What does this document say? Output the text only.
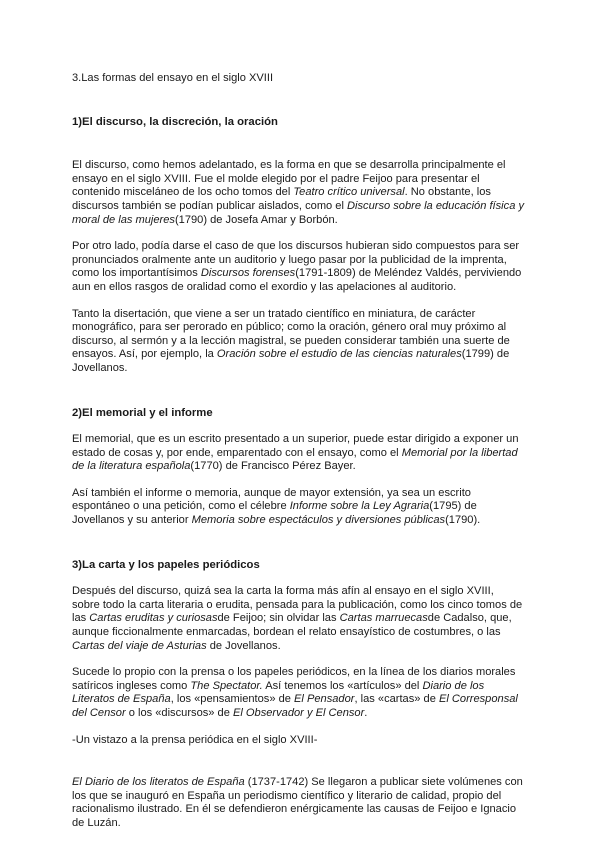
3.Las formas del ensayo en el siglo XVIII
1)El discurso, la discreción, la oración

El discurso, como hemos adelantado, es la forma en que se desarrolla principalmente el ensayo en el siglo XVIII. Fue el molde elegido por el padre Feijoo para presentar el contenido misceláneo de los ocho tomos del Teatro crítico universal. No obstante, los discursos también se podían publicar aislados, como el Discurso sobre la educación física y moral de las mujeres(1790) de Josefa Amar y Borbón.

Por otro lado, podía darse el caso de que los discursos hubieran sido compuestos para ser pronunciados oralmente ante un auditorio y luego pasar por la publicidad de la imprenta, como los importantísimos Discursos forenses(1791-1809) de Meléndez Valdés, perviviendo aun en ellos rasgos de oralidad como el exordio y las apelaciones al auditorio.

Tanto la disertación, que viene a ser un tratado científico en miniatura, de carácter monográfico, para ser perorado en público; como la oración, género oral muy próximo al discurso, al sermón y a la lección magistral, se pueden considerar también una suerte de ensayos. Así, por ejemplo, la Oración sobre el estudio de las ciencias naturales(1799) de Jovellanos.

2)El memorial y el informe

El memorial, que es un escrito presentado a un superior, puede estar dirigido a exponer un estado de cosas y, por ende, emparentado con el ensayo, como el Memorial por la libertad de la literatura española(1770) de Francisco Pérez Bayer.

Así también el informe o memoria, aunque de mayor extensión, ya sea un escrito espontáneo o una petición, como el célebre Informe sobre la Ley Agraria(1795) de Jovellanos y su anterior Memoria sobre espectáculos y diversiones públicas(1790).

3)La carta y los papeles periódicos

Después del discurso, quizá sea la carta la forma más afín al ensayo en el siglo XVIII, sobre todo la carta literaria o erudita, pensada para la publicación, como los cinco tomos de las Cartas eruditas y curiosasde Feijoo; sin olvidar las Cartas marruecasde Cadalso, que, aunque ficcionalmente enmarcadas, bordean el relato ensayístico de costumbres, o las Cartas del viaje de Asturias de Jovellanos.

Sucede lo propio con la prensa o los papeles periódicos, en la línea de los diarios morales satíricos ingleses como The Spectator. Así tenemos los «artículos» del Diario de los Literatos de España, los «pensamientos» de El Pensador, las «cartas» de El Corresponsal del Censor o los «discursos» de El Observador y El Censor.

-Un vistazo a la prensa periódica en el siglo XVIII-

El Diario de los literatos de España (1737-1742) Se llegaron a publicar siete volúmenes con los que se inauguró en España un periodismo científico y literario de calidad, propio del racionalismo ilustrado. En él se defendieron enérgicamente las causas de Feijoo e Ignacio de Luzán.
